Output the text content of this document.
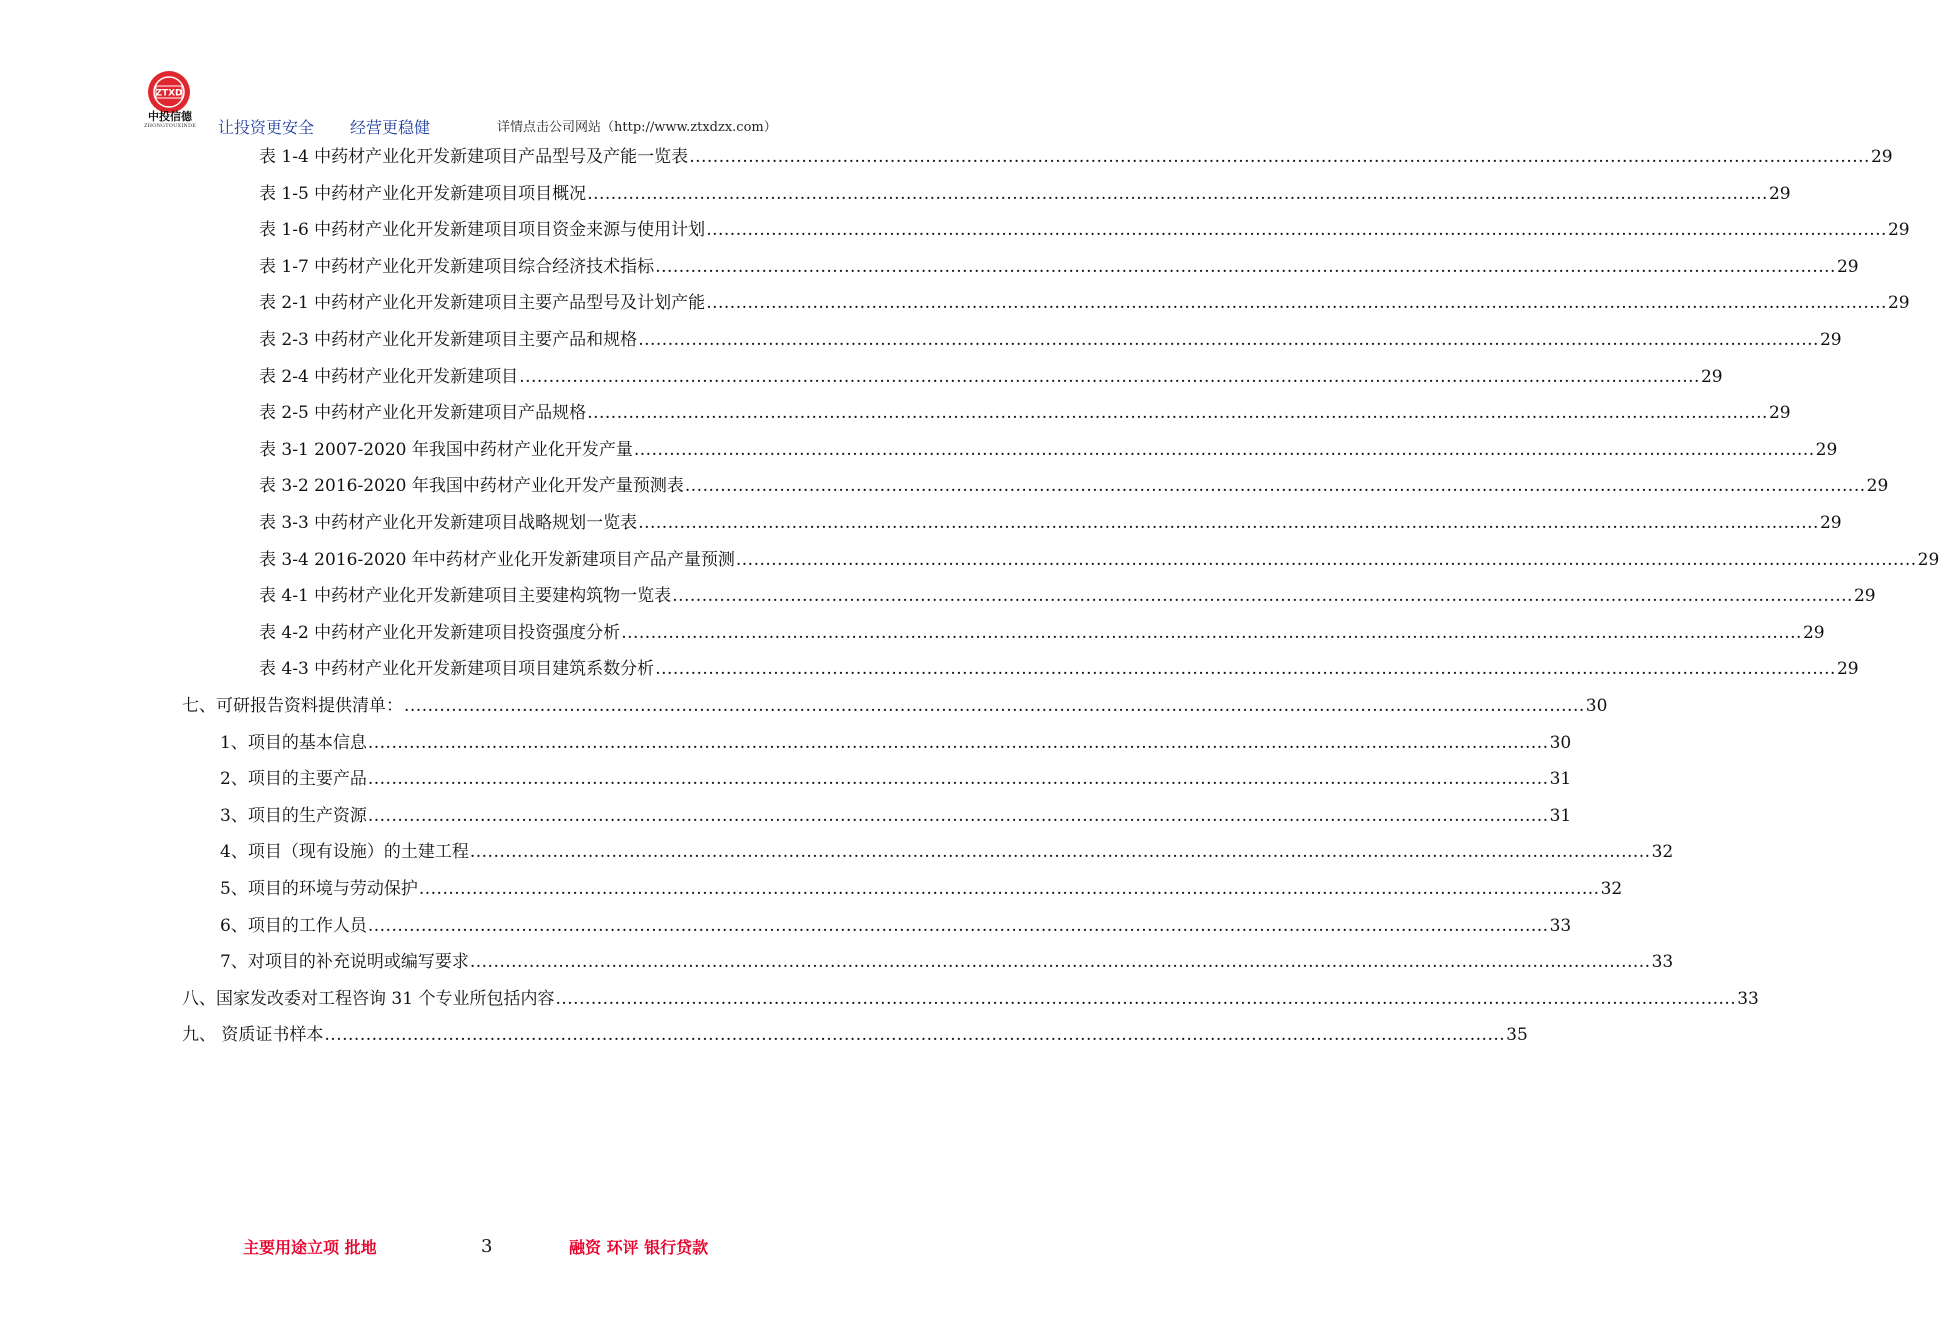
ZTXD
中投信德
ZHONGTOUXINDE 让投资更安全 经营更稳健	详情点击公司网站（http://www.ztxdzx.com）
表 1-4 中药材产业化开发新建项目产品型号及产能一览表 ........................................................................................................................................................................................................ 29
表 1-5 中药材产业化开发新建项目项目概况 ........................................................................................................................................................................................................ 29
表 1-6 中药材产业化开发新建项目项目资金来源与使用计划 ........................................................................................................................................................................................................ 29
表 1-7 中药材产业化开发新建项目综合经济技术指标 ........................................................................................................................................................................................................ 29
表 2-1 中药材产业化开发新建项目主要产品型号及计划产能 ........................................................................................................................................................................................................ 29
表 2-3 中药材产业化开发新建项目主要产品和规格 ........................................................................................................................................................................................................ 29
表 2-4 中药材产业化开发新建项目 ........................................................................................................................................................................................................ 29
表 2-5 中药材产业化开发新建项目产品规格 ........................................................................................................................................................................................................ 29
表 3-1 2007-2020 年我国中药材产业化开发产量 ........................................................................................................................................................................................................ 29
表 3-2 2016-2020 年我国中药材产业化开发产量预测表 ........................................................................................................................................................................................................ 29
表 3-3 中药材产业化开发新建项目战略规划一览表 ........................................................................................................................................................................................................ 29
表 3-4 2016-2020 年中药材产业化开发新建项目产品产量预测 ........................................................................................................................................................................................................ 29
表 4-1 中药材产业化开发新建项目主要建构筑物一览表 ........................................................................................................................................................................................................ 29
表 4-2 中药材产业化开发新建项目投资强度分析 ........................................................................................................................................................................................................ 29
表 4-3 中药材产业化开发新建项目项目建筑系数分析 ........................................................................................................................................................................................................ 29
七、可研报告资料提供清单： ........................................................................................................................................................................................................ 30
1、项目的基本信息 ........................................................................................................................................................................................................ 30
2、项目的主要产品 ........................................................................................................................................................................................................ 31
3、项目的生产资源 ........................................................................................................................................................................................................ 31
4、项目（现有设施）的土建工程 ........................................................................................................................................................................................................ 32
5、项目的环境与劳动保护 ........................................................................................................................................................................................................ 32
6、项目的工作人员 ........................................................................................................................................................................................................ 33
7、对项目的补充说明或编写要求 ........................................................................................................................................................................................................ 33
八、国家发改委对工程咨询 31 个专业所包括内容 ........................................................................................................................................................................................................ 33
九、 资质证书样本 ........................................................................................................................................................................................................ 35
主要用途立项 批地	3	融资 环评 银行贷款
